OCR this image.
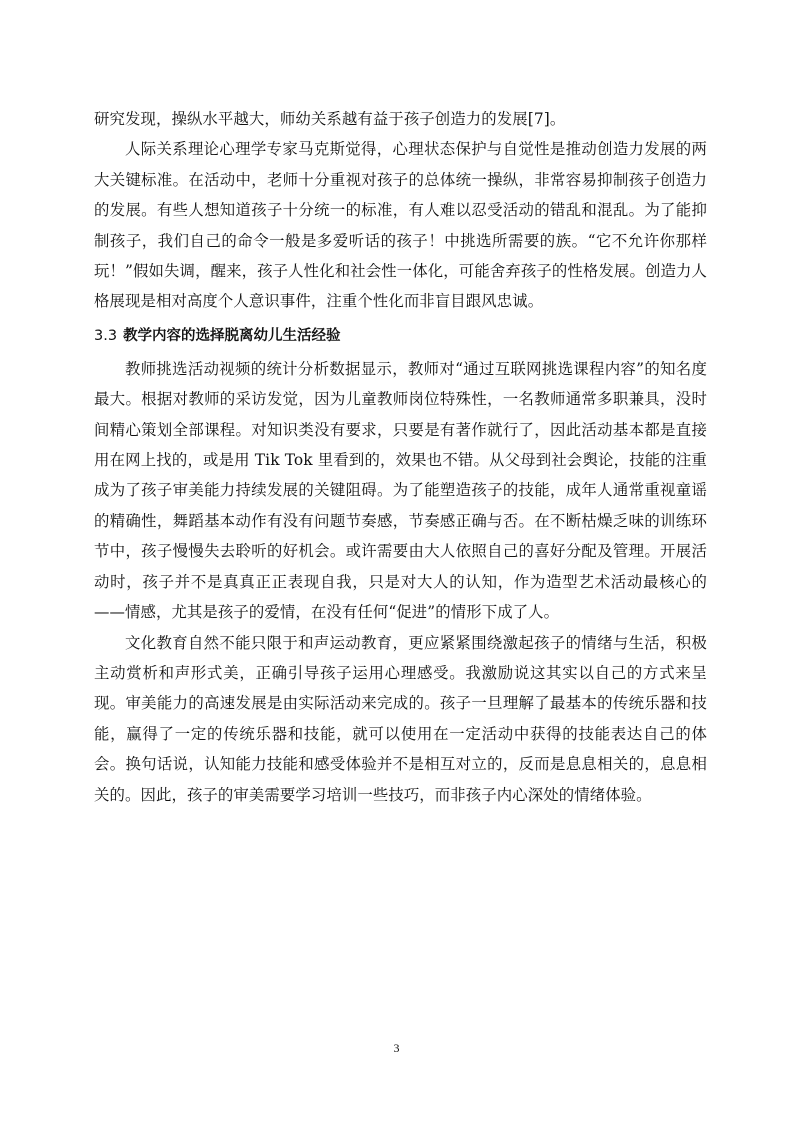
研究发现，操纵水平越大，师幼关系越有益于孩子创造力的发展[7]。

人际关系理论心理学专家马克斯觉得，心理状态保护与自觉性是推动创造力发展的两大关键标准。在活动中，老师十分重视对孩子的总体统一操纵，非常容易抑制孩子创造力的发展。有些人想知道孩子十分统一的标准，有人难以忍受活动的错乱和混乱。为了能抑制孩子，我们自己的命令一般是多爱听话的孩子！中挑选所需要的族。“它不允许你那样玩！”假如失调，醒来，孩子人性化和社会性一体化，可能舍弃孩子的性格发展。创造力人格展现是相对高度个人意识事件，注重个性化而非盲目跟风忠诚。

3.3 教学内容的选择脱离幼儿生活经验

教师挑选活动视频的统计分析数据显示，教师对“通过互联网挑选课程内容”的知名度最大。根据对教师的采访发觉，因为儿童教师岗位特殊性，一名教师通常多职兼具，没时间精心策划全部课程。对知识类没有要求，只要是有著作就行了，因此活动基本都是直接用在网上找的，或是用 Tik Tok 里看到的，效果也不错。从父母到社会舆论，技能的注重成为了孩子审美能力持续发展的关键阻碍。为了能塑造孩子的技能，成年人通常重视童谣的精确性，舞蹈基本动作有没有问题节奏感，节奏感正确与否。在不断枯燥乏味的训练环节中，孩子慢慢失去聆听的好机会。或许需要由大人依照自己的喜好分配及管理。开展活动时，孩子并不是真真正正表现自我，只是对大人的认知，作为造型艺术活动最核心的——情感，尤其是孩子的爱情，在没有任何“促进”的情形下成了人。

文化教育自然不能只限于和声运动教育，更应紧紧围绕激起孩子的情绪与生活，积极主动赏析和声形式美，正确引导孩子运用心理感受。我激励说这其实以自己的方式来呈现。审美能力的高速发展是由实际活动来完成的。孩子一旦理解了最基本的传统乐器和技能，赢得了一定的传统乐器和技能，就可以使用在一定活动中获得的技能表达自己的体会。换句话说，认知能力技能和感受体验并不是相互对立的，反而是息息相关的，息息相关的。因此，孩子的审美需要学习培训一些技巧，而非孩子内心深处的情绪体验。

3
